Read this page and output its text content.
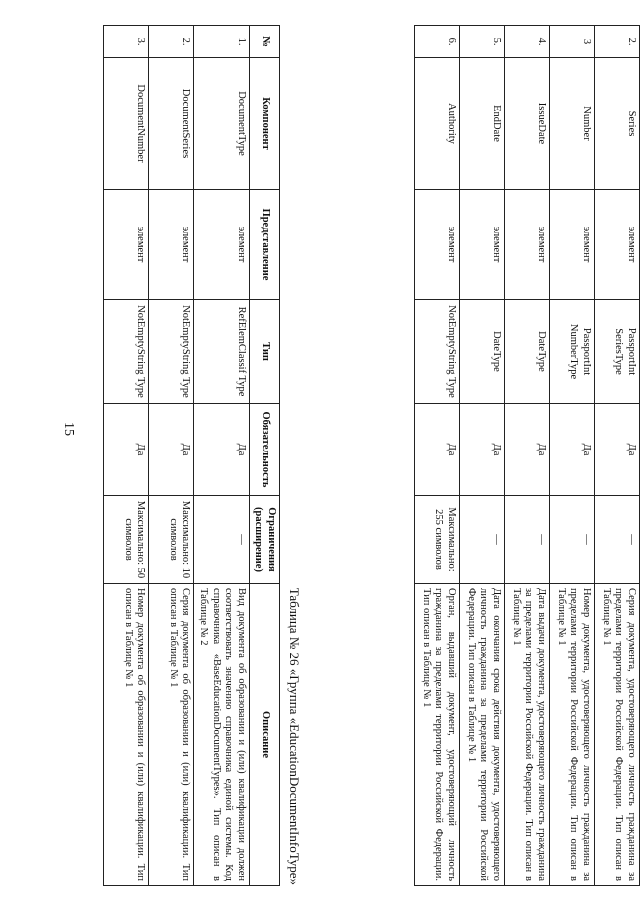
15
2.	Series	элемент	PassportInt SeriesType	Да	—	Серия документа, удостоверяющего личность гражданина за пределами территории Российской Федерации. Тип описан в Таблице № 1
3	Number	элемент	PassportInt NumberType	Да	—	Номер документа, удостоверяющего личность гражданина за пределами территории Российской Федерации. Тип описан в Таблице № 1
4.	IssueDate	элемент	DateType	Да	—	Дата выдачи документа, удостоверяющего личность гражданина за пределами территории Российской Федерации. Тип описан в Таблице № 1
5.	EndDate	элемент	DateType	Да	—	Дата окончания срока действия документа, удостоверяющего личность гражданина за пределами территории Российской Федерации. Тип описан в Таблице № 1
6.	Authority	элемент	NotEmptyString Type	Да	Максимально: 255 символов	Орган, выдавший документ, удостоверяющий личность гражданина за пределами территории Российской Федерации. Тип описан в Таблице № 1
Таблица № 26 «Группа «EducationDocumentInfoType»
№	Компонент	Представление	Тип	Обязательность	Ограничения (расширение)	Описание
1.	DocumentType	элемент	RefElemClassif Type	Да	—	Вид документа об образовании и (или) квалификации должен соответствовать значению справочника единой системы. Код справочника «BaseEducationDocumentTypes». Тип описан в Таблице № 2
2.	DocumentSeries	элемент	NotEmptyString Type	Да	Максимально: 10 символов	Серия документа об образовании и (или) квалификации. Тип описан в Таблице № 1
3.	DocumentNumber	элемент	NotEmptyString Type	Да	Максимально: 50 символов	Номер документа об образовании и (или) квалификации. Тип описан в Таблице № 1
